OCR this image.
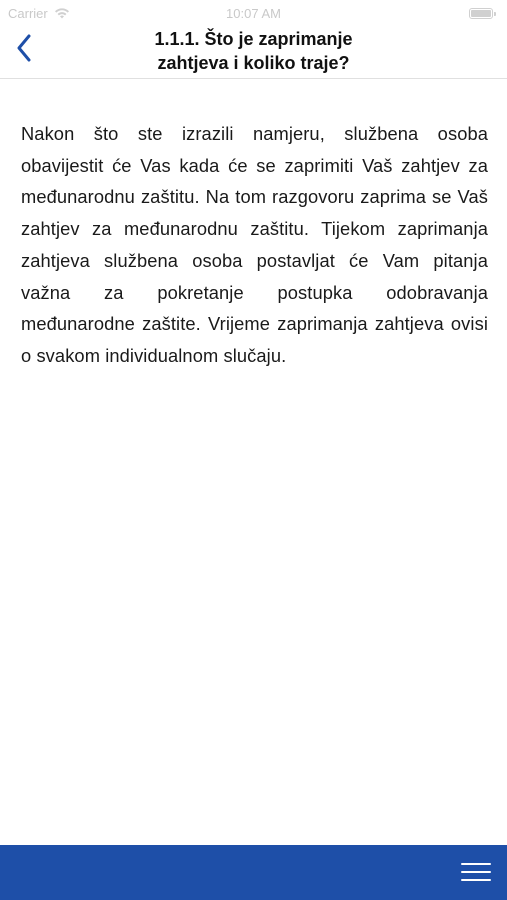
Carrier	10:07 AM
1.1.1. Što je zaprimanje
zahtjeva i koliko traje?

Nakon što ste izrazili namjeru, službena osoba obavijestit će Vas kada će se zaprimiti Vaš zahtjev za međunarodnu zaštitu. Na tom razgovoru zaprima se Vaš zahtjev za međunarodnu zaštitu. Tijekom zaprimanja zahtjeva službena osoba postavljat će Vam pitanja važna za pokretanje postupka odobravanja međunarodne zaštite. Vrijeme zaprimanja zahtjeva ovisi o svakom individualnom slučaju.
